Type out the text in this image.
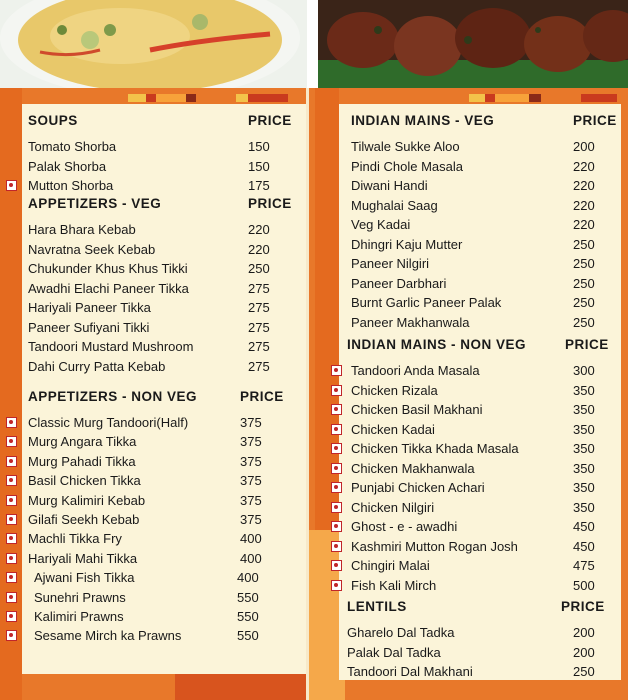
SOUPS	PRICE
Tomato Shorba	150
Palak Shorba	150
Mutton Shorba	175
APPETIZERS - VEG	PRICE
Hara Bhara Kebab	220
Navratna Seek Kebab	220
Chukunder Khus Khus Tikki	250
Awadhi Elachi Paneer Tikka	275
Hariyali Paneer Tikka	275
Paneer Sufiyani Tikki	275
Tandoori Mustard Mushroom	275
Dahi Curry Patta Kebab	275
APPETIZERS - NON VEG	PRICE
Classic Murg Tandoori(Half)	375
Murg Angara Tikka	375
Murg Pahadi Tikka	375
Basil Chicken Tikka	375
Murg Kalimiri Kebab	375
Gilafi Seekh Kebab	375
Machli Tikka Fry	400
Hariyali Mahi Tikka	400
Ajwani Fish Tikka	400
Sunehri Prawns	550
Kalimiri Prawns	550
Sesame Mirch ka Prawns	550
INDIAN MAINS - VEG	PRICE
Tilwale Sukke Aloo	200
Pindi Chole Masala	220
Diwani Handi	220
Mughalai Saag	220
Veg Kadai	220
Dhingri Kaju Mutter	250
Paneer Nilgiri	250
Paneer Darbhari	250
Burnt Garlic Paneer Palak	250
Paneer Makhanwala	250
INDIAN MAINS - NON VEG	PRICE
Tandoori Anda Masala	300
Chicken Rizala	350
Chicken Basil Makhani	350
Chicken Kadai	350
Chicken Tikka Khada Masala	350
Chicken Makhanwala	350
Punjabi Chicken Achari	350
Chicken Nilgiri	350
Ghost - e - awadhi	450
Kashmiri Mutton Rogan Josh	450
Chingiri Malai	475
Fish Kali Mirch	500
LENTILS	PRICE
Gharelo Dal Tadka	200
Palak Dal Tadka	200
Tandoori Dal Makhani	250
